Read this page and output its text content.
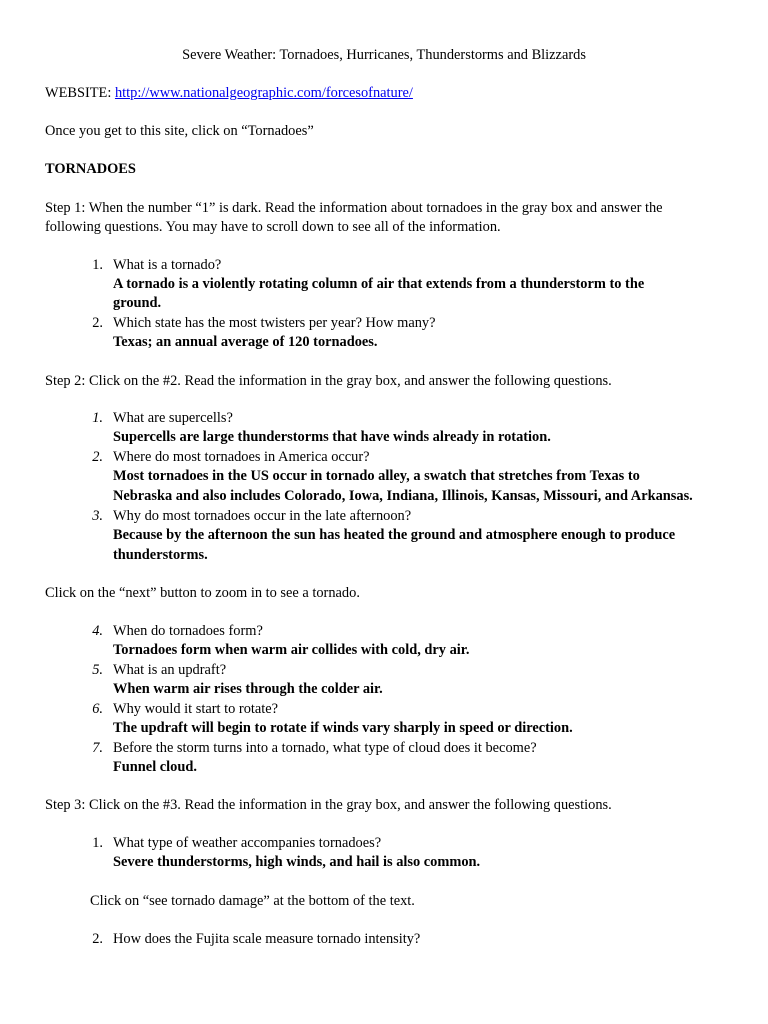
Severe Weather: Tornadoes, Hurricanes, Thunderstorms and Blizzards
WEBSITE: http://www.nationalgeographic.com/forcesofnature/
Once you get to this site, click on “Tornadoes”
TORNADOES
Step 1: When the number “1” is dark. Read the information about tornadoes in the gray box and answer the
following questions. You may have to scroll down to see all of the information.
1. What is a tornado?
A tornado is a violently rotating column of air that extends from a thunderstorm to the
ground.
2. Which state has the most twisters per year? How many?
Texas; an annual average of 120 tornadoes.
Step 2: Click on the #2. Read the information in the gray box, and answer the following questions.
1. What are supercells?
Supercells are large thunderstorms that have winds already in rotation.
2. Where do most tornadoes in America occur?
Most tornadoes in the US occur in tornado alley, a swatch that stretches from Texas to
Nebraska and also includes Colorado, Iowa, Indiana, Illinois, Kansas, Missouri, and Arkansas.
3. Why do most tornadoes occur in the late afternoon?
Because by the afternoon the sun has heated the ground and atmosphere enough to produce
thunderstorms.
Click on the “next” button to zoom in to see a tornado.
4. When do tornadoes form?
Tornadoes form when warm air collides with cold, dry air.
5. What is an updraft?
When warm air rises through the colder air.
6. Why would it start to rotate?
The updraft will begin to rotate if winds vary sharply in speed or direction.
7. Before the storm turns into a tornado, what type of cloud does it become?
Funnel cloud.
Step 3: Click on the #3. Read the information in the gray box, and answer the following questions.
1. What type of weather accompanies tornadoes?
Severe thunderstorms, high winds, and hail is also common.
Click on “see tornado damage” at the bottom of the text.
2. How does the Fujita scale measure tornado intensity?
